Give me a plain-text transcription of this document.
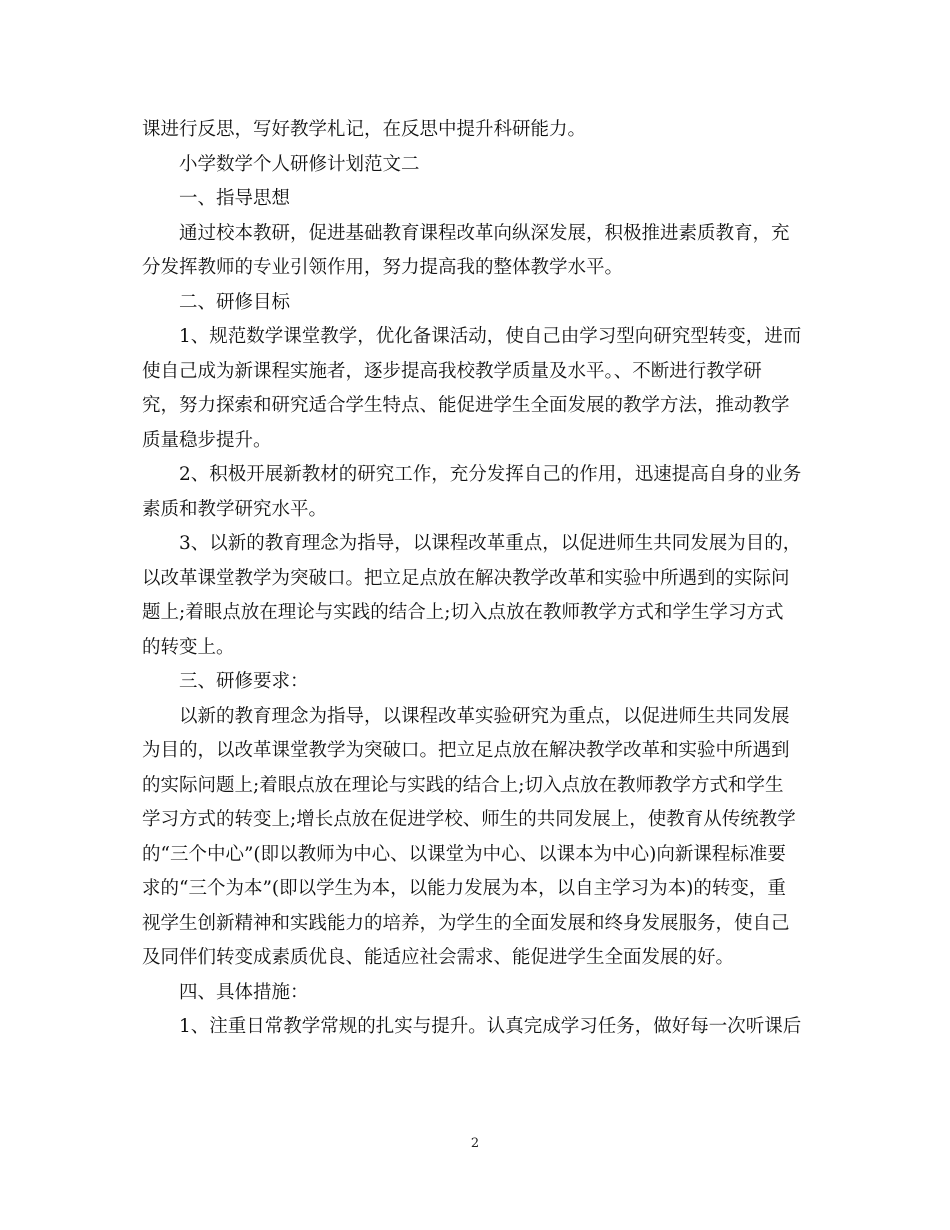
课进行反思，写好教学札记，在反思中提升科研能力。
小学数学个人研修计划范文二
一、指导思想
通过校本教研，促进基础教育课程改革向纵深发展，积极推进素质教育，充
分发挥教师的专业引领作用，努力提高我的整体教学水平。
二、研修目标
1、规范数学课堂教学，优化备课活动，使自己由学习型向研究型转变，进而
使自己成为新课程实施者，逐步提高我校教学质量及水平。、不断进行教学研
究，努力探索和研究适合学生特点、能促进学生全面发展的教学方法，推动教学
质量稳步提升。
2、积极开展新教材的研究工作，充分发挥自己的作用，迅速提高自身的业务
素质和教学研究水平。
3、以新的教育理念为指导，以课程改革重点，以促进师生共同发展为目的，
以改革课堂教学为突破口。把立足点放在解决教学改革和实验中所遇到的实际问
题上;着眼点放在理论与实践的结合上;切入点放在教师教学方式和学生学习方式
的转变上。
三、研修要求：
以新的教育理念为指导，以课程改革实验研究为重点，以促进师生共同发展
为目的，以改革课堂教学为突破口。把立足点放在解决教学改革和实验中所遇到
的实际问题上;着眼点放在理论与实践的结合上;切入点放在教师教学方式和学生
学习方式的转变上;增长点放在促进学校、师生的共同发展上，使教育从传统教学
的“三个中心”(即以教师为中心、以课堂为中心、以课本为中心)向新课程标准要
求的“三个为本”(即以学生为本，以能力发展为本，以自主学习为本)的转变，重
视学生创新精神和实践能力的培养，为学生的全面发展和终身发展服务，使自己
及同伴们转变成素质优良、能适应社会需求、能促进学生全面发展的好。
四、具体措施：
1、注重日常教学常规的扎实与提升。认真完成学习任务，做好每一次听课后
2
